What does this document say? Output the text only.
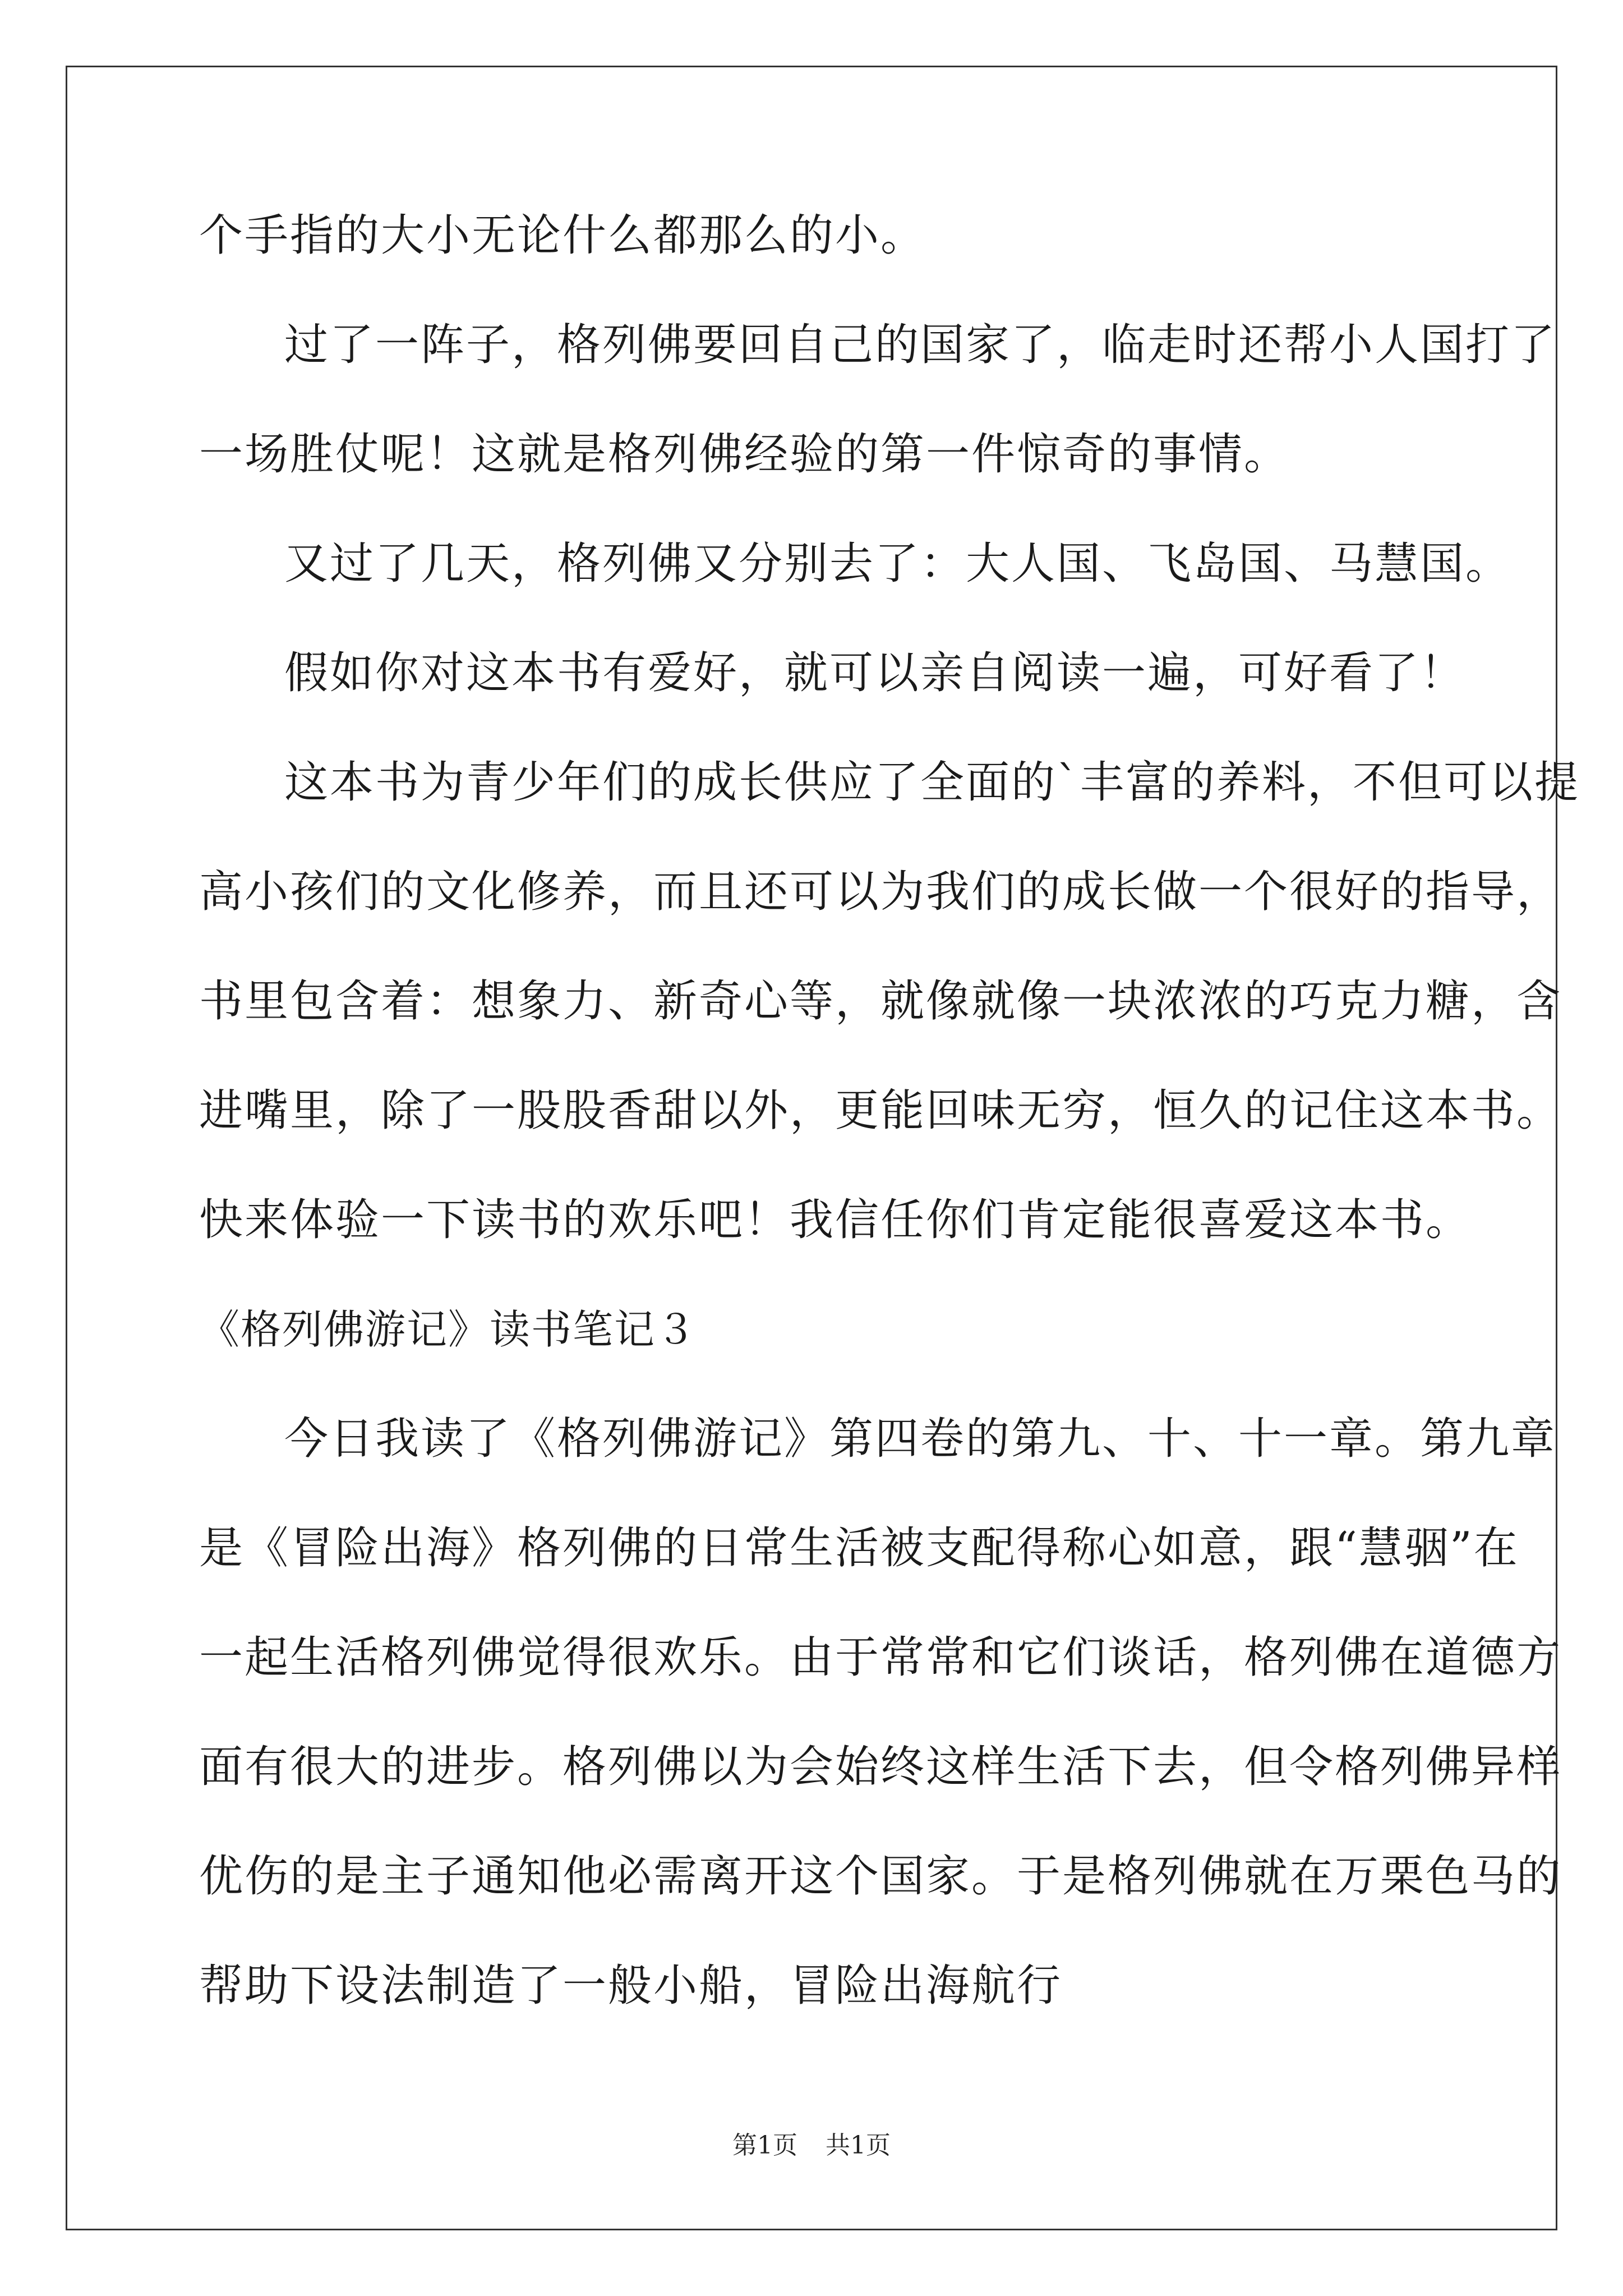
个手指的大小无论什么都那么的小。
过了一阵子，格列佛要回自己的国家了，临走时还帮小人国打了
一场胜仗呢！这就是格列佛经验的第一件惊奇的事情。
又过了几天，格列佛又分别去了：大人国、飞岛国、马慧国。
假如你对这本书有爱好，就可以亲自阅读一遍，可好看了！
这本书为青少年们的成长供应了全面的`丰富的养料，不但可以提
高小孩们的文化修养，而且还可以为我们的成长做一个很好的指导，
书里包含着：想象力、新奇心等，就像就像一块浓浓的巧克力糖，含
进嘴里，除了一股股香甜以外，更能回味无穷，恒久的记住这本书。
快来体验一下读书的欢乐吧！我信任你们肯定能很喜爱这本书。
《格列佛游记》读书笔记３
今日我读了《格列佛游记》第四卷的第九、十、十一章。第九章
是《冒险出海》格列佛的日常生活被支配得称心如意，跟“慧骃”在
一起生活格列佛觉得很欢乐。由于常常和它们谈话，格列佛在道德方
面有很大的进步。格列佛以为会始终这样生活下去，但令格列佛异样
优伤的是主子通知他必需离开这个国家。于是格列佛就在万栗色马的
帮助下设法制造了一般小船，冒险出海航行
第1页 共1页
